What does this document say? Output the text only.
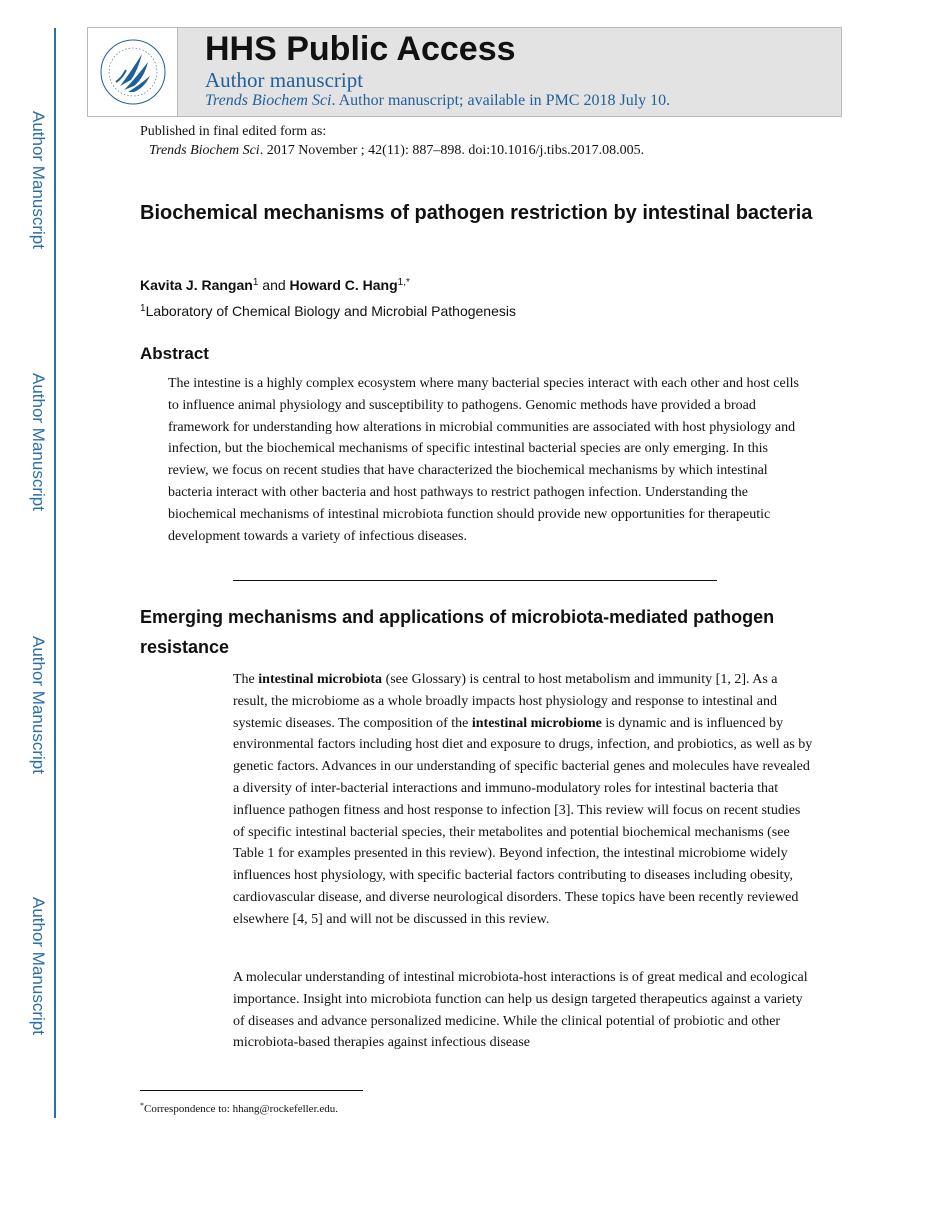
Author Manuscript
Author Manuscript
Author Manuscript
Author Manuscript
HHS Public Access
Author manuscript
Trends Biochem Sci. Author manuscript; available in PMC 2018 July 10.
Published in final edited form as:
Trends Biochem Sci. 2017 November ; 42(11): 887–898. doi:10.1016/j.tibs.2017.08.005.
Biochemical mechanisms of pathogen restriction by intestinal bacteria
Kavita J. Rangan$^1$ and Howard C. Hang$^{1,*}$
$^1$Laboratory of Chemical Biology and Microbial Pathogenesis
Abstract

The intestine is a highly complex ecosystem where many bacterial species interact with each other and host cells to influence animal physiology and susceptibility to pathogens. Genomic methods have provided a broad framework for understanding how alterations in microbial communities are associated with host physiology and infection, but the biochemical mechanisms of specific intestinal bacterial species are only emerging. In this review, we focus on recent studies that have characterized the biochemical mechanisms by which intestinal bacteria interact with other bacteria and host pathways to restrict pathogen infection. Understanding the biochemical mechanisms of intestinal microbiota function should provide new opportunities for therapeutic development towards a variety of infectious diseases.

Emerging mechanisms and applications of microbiota-mediated pathogen resistance

The intestinal microbiota (see Glossary) is central to host metabolism and immunity [1, 2]. As a result, the microbiome as a whole broadly impacts host physiology and response to intestinal and systemic diseases. The composition of the intestinal microbiome is dynamic and is influenced by environmental factors including host diet and exposure to drugs, infection, and probiotics, as well as by genetic factors. Advances in our understanding of specific bacterial genes and molecules have revealed a diversity of inter-bacterial interactions and immuno-modulatory roles for intestinal bacteria that influence pathogen fitness and host response to infection [3]. This review will focus on recent studies of specific intestinal bacterial species, their metabolites and potential biochemical mechanisms (see Table 1 for examples presented in this review). Beyond infection, the intestinal microbiome widely influences host physiology, with specific bacterial factors contributing to diseases including obesity, cardiovascular disease, and diverse neurological disorders. These topics have been recently reviewed elsewhere [4, 5] and will not be discussed in this review.

A molecular understanding of intestinal microbiota-host interactions is of great medical and ecological importance. Insight into microbiota function can help us design targeted therapeutics against a variety of diseases and advance personalized medicine. While the clinical potential of probiotic and other microbiota-based therapies against infectious disease

*Correspondence to: hhang@rockefeller.edu.
